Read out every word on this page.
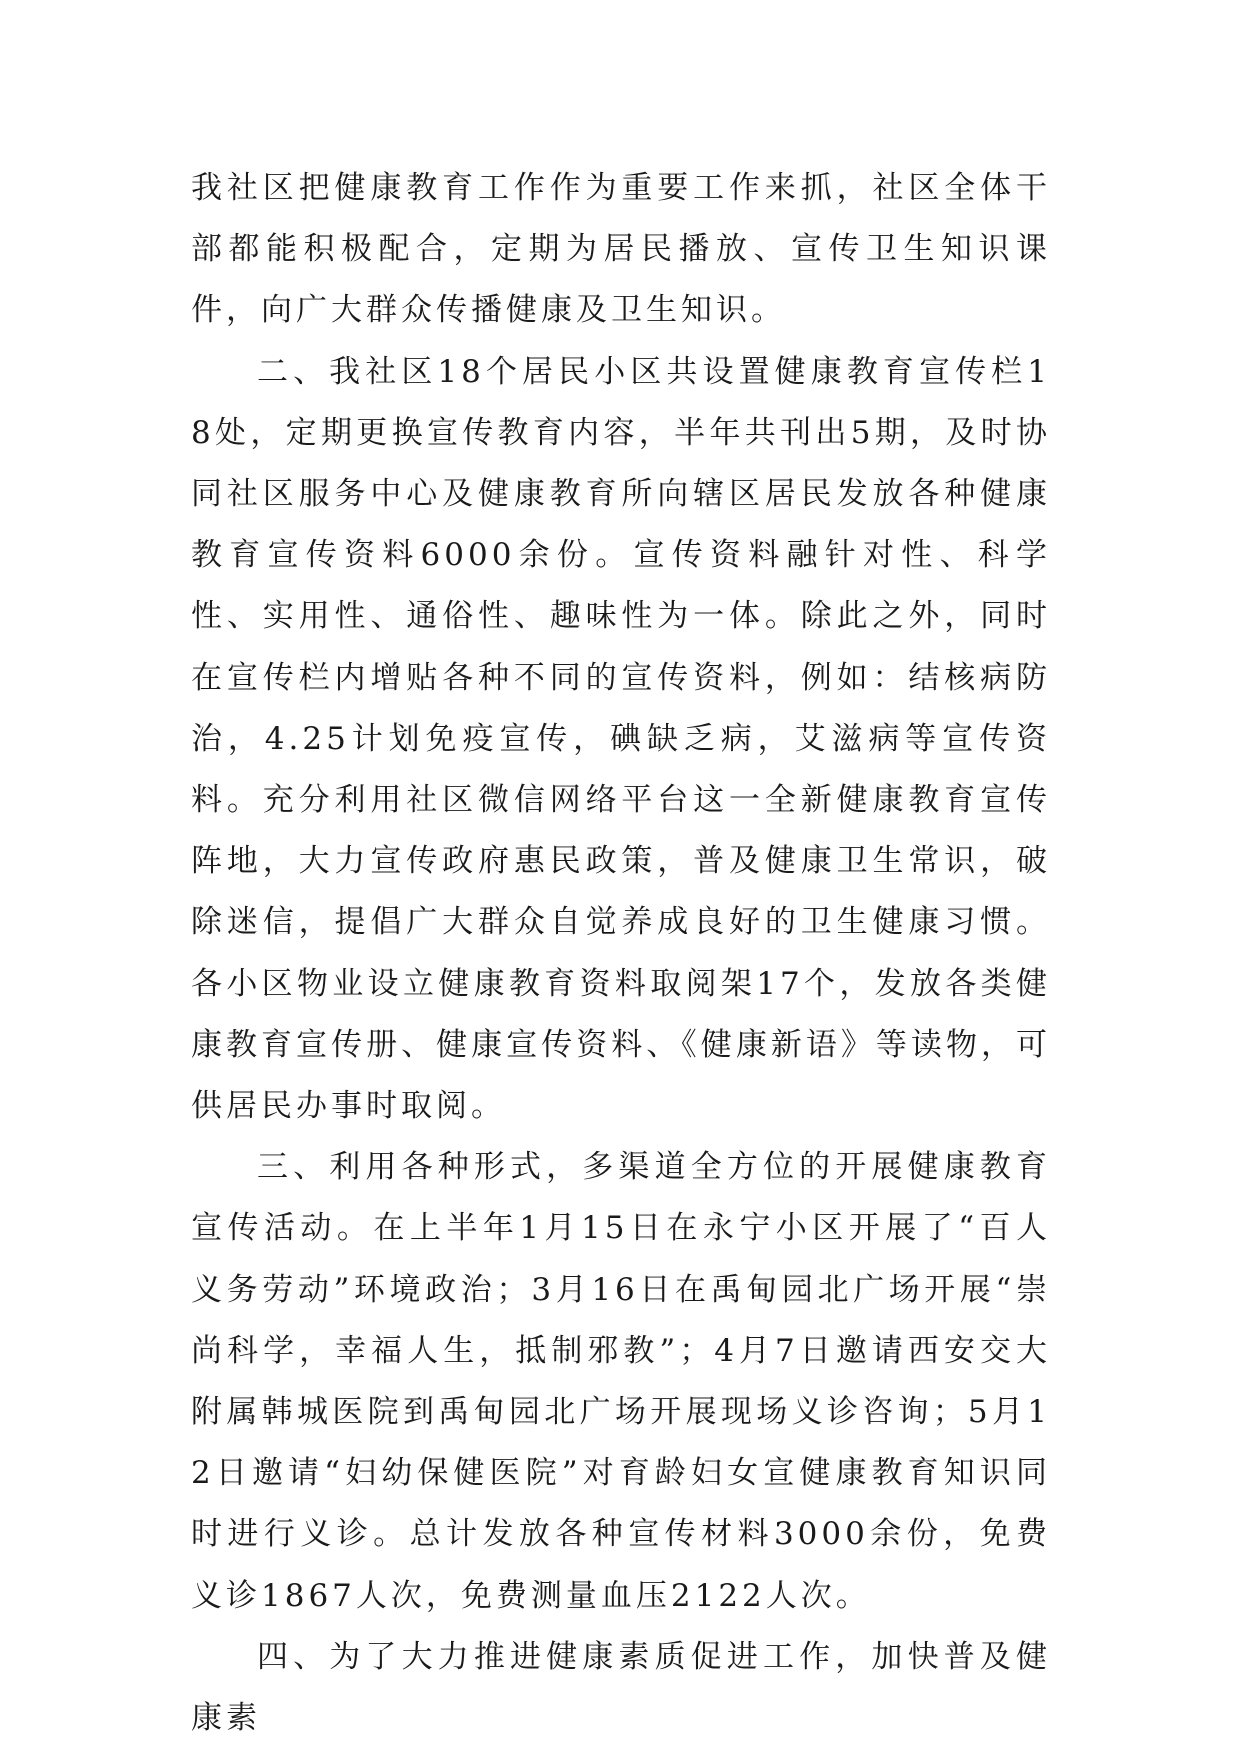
我社区把健康教育工作作为重要工作来抓，社区全体干部都能积极配合，定期为居民播放、宣传卫生知识课件，向广大群众传播健康及卫生知识。

二、我社区18个居民小区共设置健康教育宣传栏18处，定期更换宣传教育内容，半年共刊出5期，及时协同社区服务中心及健康教育所向辖区居民发放各种健康教育宣传资料6000余份。宣传资料融针对性、科学性、实用性、通俗性、趣味性为一体。除此之外，同时在宣传栏内增贴各种不同的宣传资料，例如：结核病防治，4.25计划免疫宣传，碘缺乏病，艾滋病等宣传资料。充分利用社区微信网络平台这一全新健康教育宣传阵地，大力宣传政府惠民政策，普及健康卫生常识，破除迷信，提倡广大群众自觉养成良好的卫生健康习惯。各小区物业设立健康教育资料取阅架17个，发放各类健康教育宣传册、健康宣传资料、《健康新语》等读物，可供居民办事时取阅。

三、利用各种形式，多渠道全方位的开展健康教育宣传活动。在上半年1月15日在永宁小区开展了“百人义务劳动”环境政治；3月16日在禹甸园北广场开展“崇尚科学，幸福人生，抵制邪教”；4月7日邀请西安交大附属韩城医院到禹甸园北广场开展现场义诊咨询；5月12日邀请“妇幼保健医院”对育龄妇女宣健康教育知识同时进行义诊。总计发放各种宣传材料3000余份，免费义诊1867人次，免费测量血压2122人次。

四、为了大力推进健康素质促进工作，加快普及健康素
